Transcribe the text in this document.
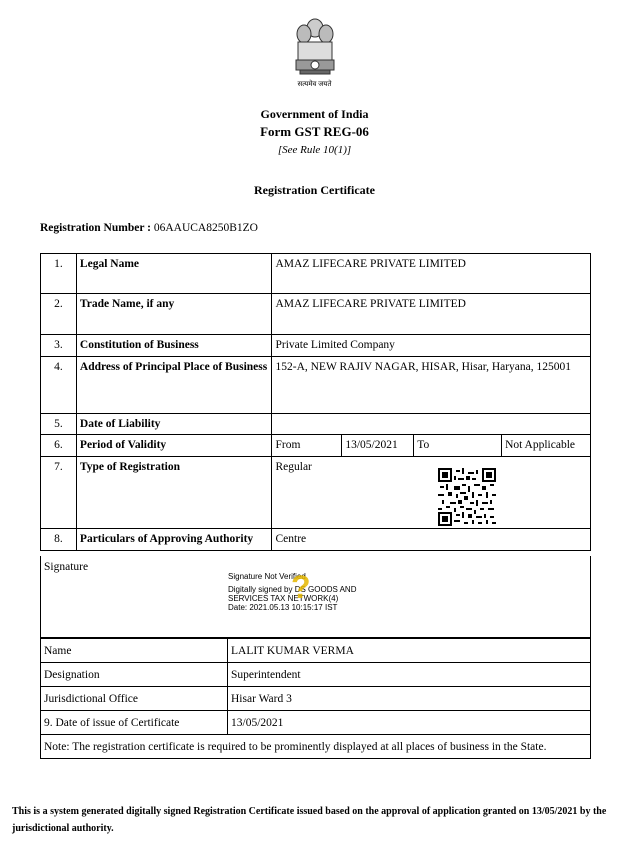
सत्यमेव जयते
Government of India
Form GST REG-06
[See Rule 10(1)]
Registration Certificate
Registration Number : 06AAUCA8250B1ZO
1.	Legal Name	AMAZ LIFECARE PRIVATE LIMITED			
2.	Trade Name, if any	AMAZ LIFECARE PRIVATE LIMITED			
3.	Constitution of Business	Private Limited Company			
4.	Address of Principal Place of Business	152-A, NEW RAJIV NAGAR, HISAR, Hisar, Haryana, 125001			
5.	Date of Liability				
6.	Period of Validity	From	13/05/2021	To	Not Applicable
7.	Type of Registration	Regular			
8.	Particulars of Approving Authority	Centre			
Signature
Signature Not Verified
Digitally signed by DS GOODS AND
SERVICES TAX NETWORK(4)
Date: 2021.05.13 10:15:17 IST
?
Name	LALIT KUMAR VERMA
Designation	Superintendent
Jurisdictional Office	Hisar Ward 3
9. Date of issue of Certificate	13/05/2021
Note: The registration certificate is required to be prominently displayed at all places of business in the State.	
This is a system generated digitally signed Registration Certificate issued based on the approval of application granted on 13/05/2021 by the jurisdictional authority.
